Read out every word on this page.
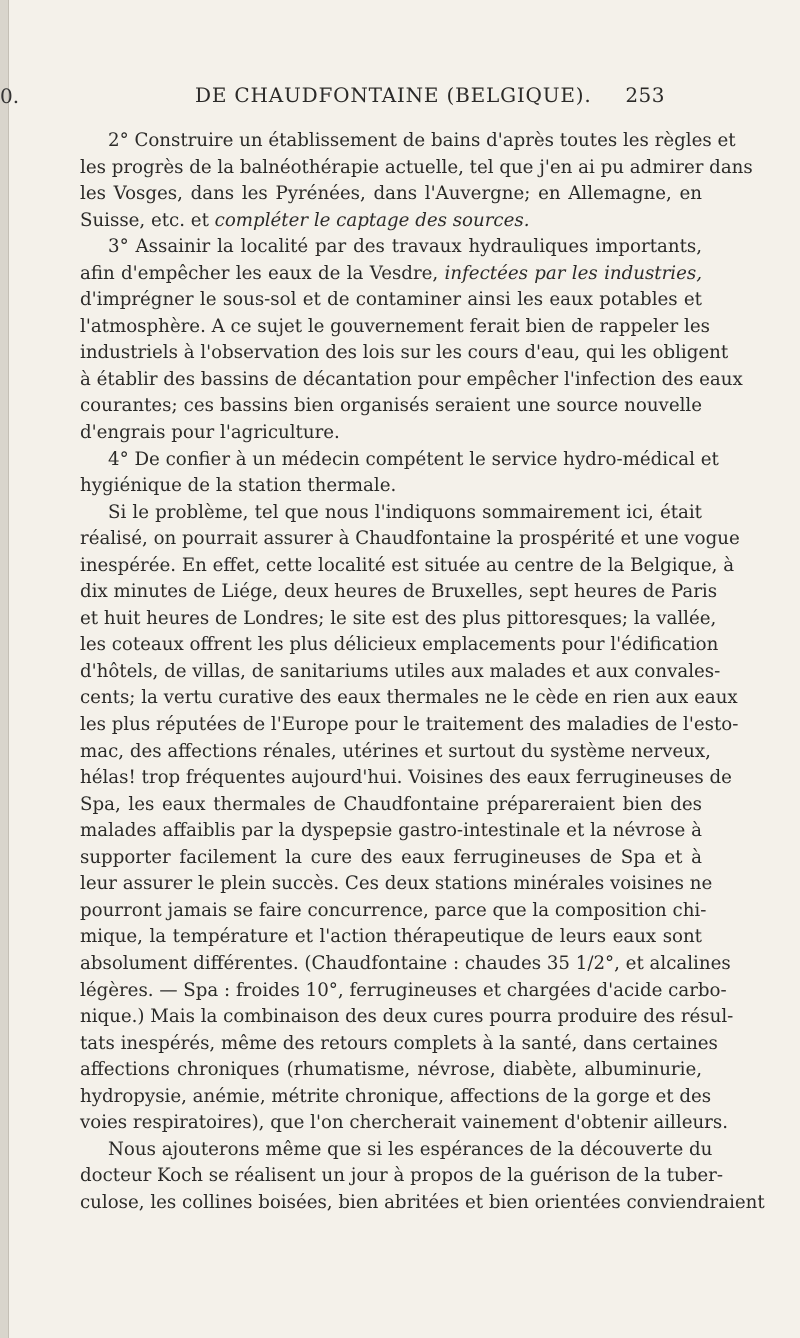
0.	DE CHAUDFONTAINE (BELGIQUE). 253
2° Construire un établissement de bains d'après toutes les règles et
les progrès de la balnéothérapie actuelle, tel que j'en ai pu admirer dans
les Vosges, dans les Pyrénées, dans l'Auvergne; en Allemagne, en
Suisse, etc. et compléter le captage des sources.
3° Assainir la localité par des travaux hydrauliques importants,
afin d'empêcher les eaux de la Vesdre, infectées par les industries,
d'imprégner le sous-sol et de contaminer ainsi les eaux potables et
l'atmosphère. A ce sujet le gouvernement ferait bien de rappeler les
industriels à l'observation des lois sur les cours d'eau, qui les obligent
à établir des bassins de décantation pour empêcher l'infection des eaux
courantes; ces bassins bien organisés seraient une source nouvelle
d'engrais pour l'agriculture.
4° De confier à un médecin compétent le service hydro-médical et
hygiénique de la station thermale.
Si le problème, tel que nous l'indiquons sommairement ici, était
réalisé, on pourrait assurer à Chaudfontaine la prospérité et une vogue
inespérée. En effet, cette localité est située au centre de la Belgique, à
dix minutes de Liége, deux heures de Bruxelles, sept heures de Paris
et huit heures de Londres; le site est des plus pittoresques; la vallée,
les coteaux offrent les plus délicieux emplacements pour l'édification
d'hôtels, de villas, de sanitariums utiles aux malades et aux convales-
cents; la vertu curative des eaux thermales ne le cède en rien aux eaux
les plus réputées de l'Europe pour le traitement des maladies de l'esto-
mac, des affections rénales, utérines et surtout du système nerveux,
hélas! trop fréquentes aujourd'hui. Voisines des eaux ferrugineuses de
Spa, les eaux thermales de Chaudfontaine prépareraient bien des
malades affaiblis par la dyspepsie gastro-intestinale et la névrose à
supporter facilement la cure des eaux ferrugineuses de Spa et à
leur assurer le plein succès. Ces deux stations minérales voisines ne
pourront jamais se faire concurrence, parce que la composition chi-
mique, la température et l'action thérapeutique de leurs eaux sont
absolument différentes. (Chaudfontaine : chaudes 35 1/2°, et alcalines
légères. — Spa : froides 10°, ferrugineuses et chargées d'acide carbo-
nique.) Mais la combinaison des deux cures pourra produire des résul-
tats inespérés, même des retours complets à la santé, dans certaines
affections chroniques (rhumatisme, névrose, diabète, albuminurie,
hydropysie, anémie, métrite chronique, affections de la gorge et des
voies respiratoires), que l'on chercherait vainement d'obtenir ailleurs.
Nous ajouterons même que si les espérances de la découverte du
docteur Koch se réalisent un jour à propos de la guérison de la tuber-
culose, les collines boisées, bien abritées et bien orientées conviendraient
